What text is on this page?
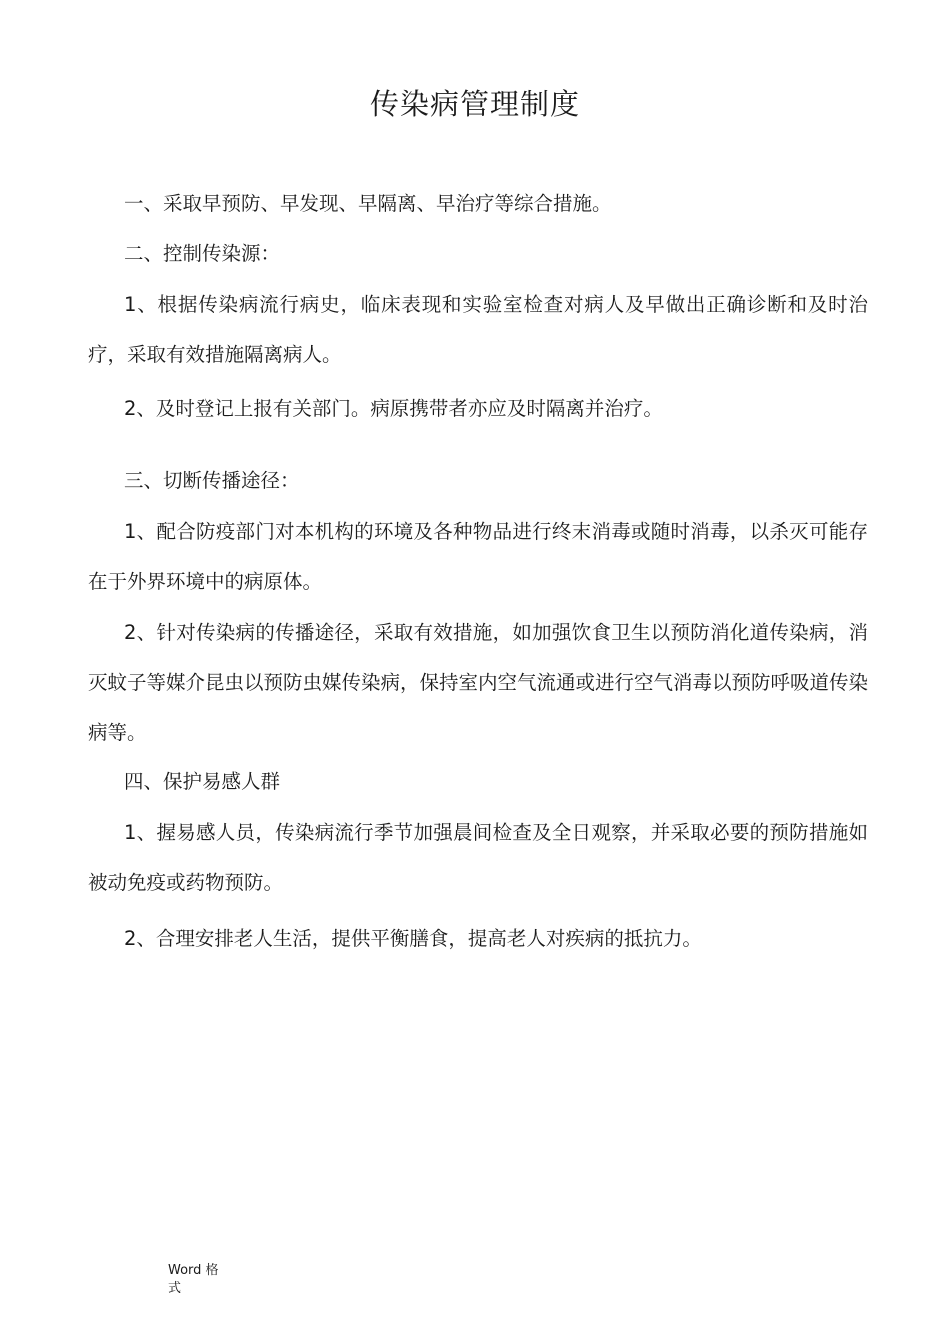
传染病管理制度

一、采取早预防、早发现、早隔离、早治疗等综合措施。

二、控制传染源：

1、根据传染病流行病史，临床表现和实验室检查对病人及早做出正确诊断和及时治疗，采取有效措施隔离病人。

2、及时登记上报有关部门。病原携带者亦应及时隔离并治疗。

三、切断传播途径：

1、配合防疫部门对本机构的环境及各种物品进行终末消毒或随时消毒，以杀灭可能存在于外界环境中的病原体。

2、针对传染病的传播途径，采取有效措施，如加强饮食卫生以预防消化道传染病，消灭蚊子等媒介昆虫以预防虫媒传染病，保持室内空气流通或进行空气消毒以预防呼吸道传染病等。

四、保护易感人群

1、握易感人员，传染病流行季节加强晨间检查及全日观察，并采取必要的预防措施如被动免疫或药物预防。

2、合理安排老人生活，提供平衡膳食，提高老人对疾病的抵抗力。

Word 格式
